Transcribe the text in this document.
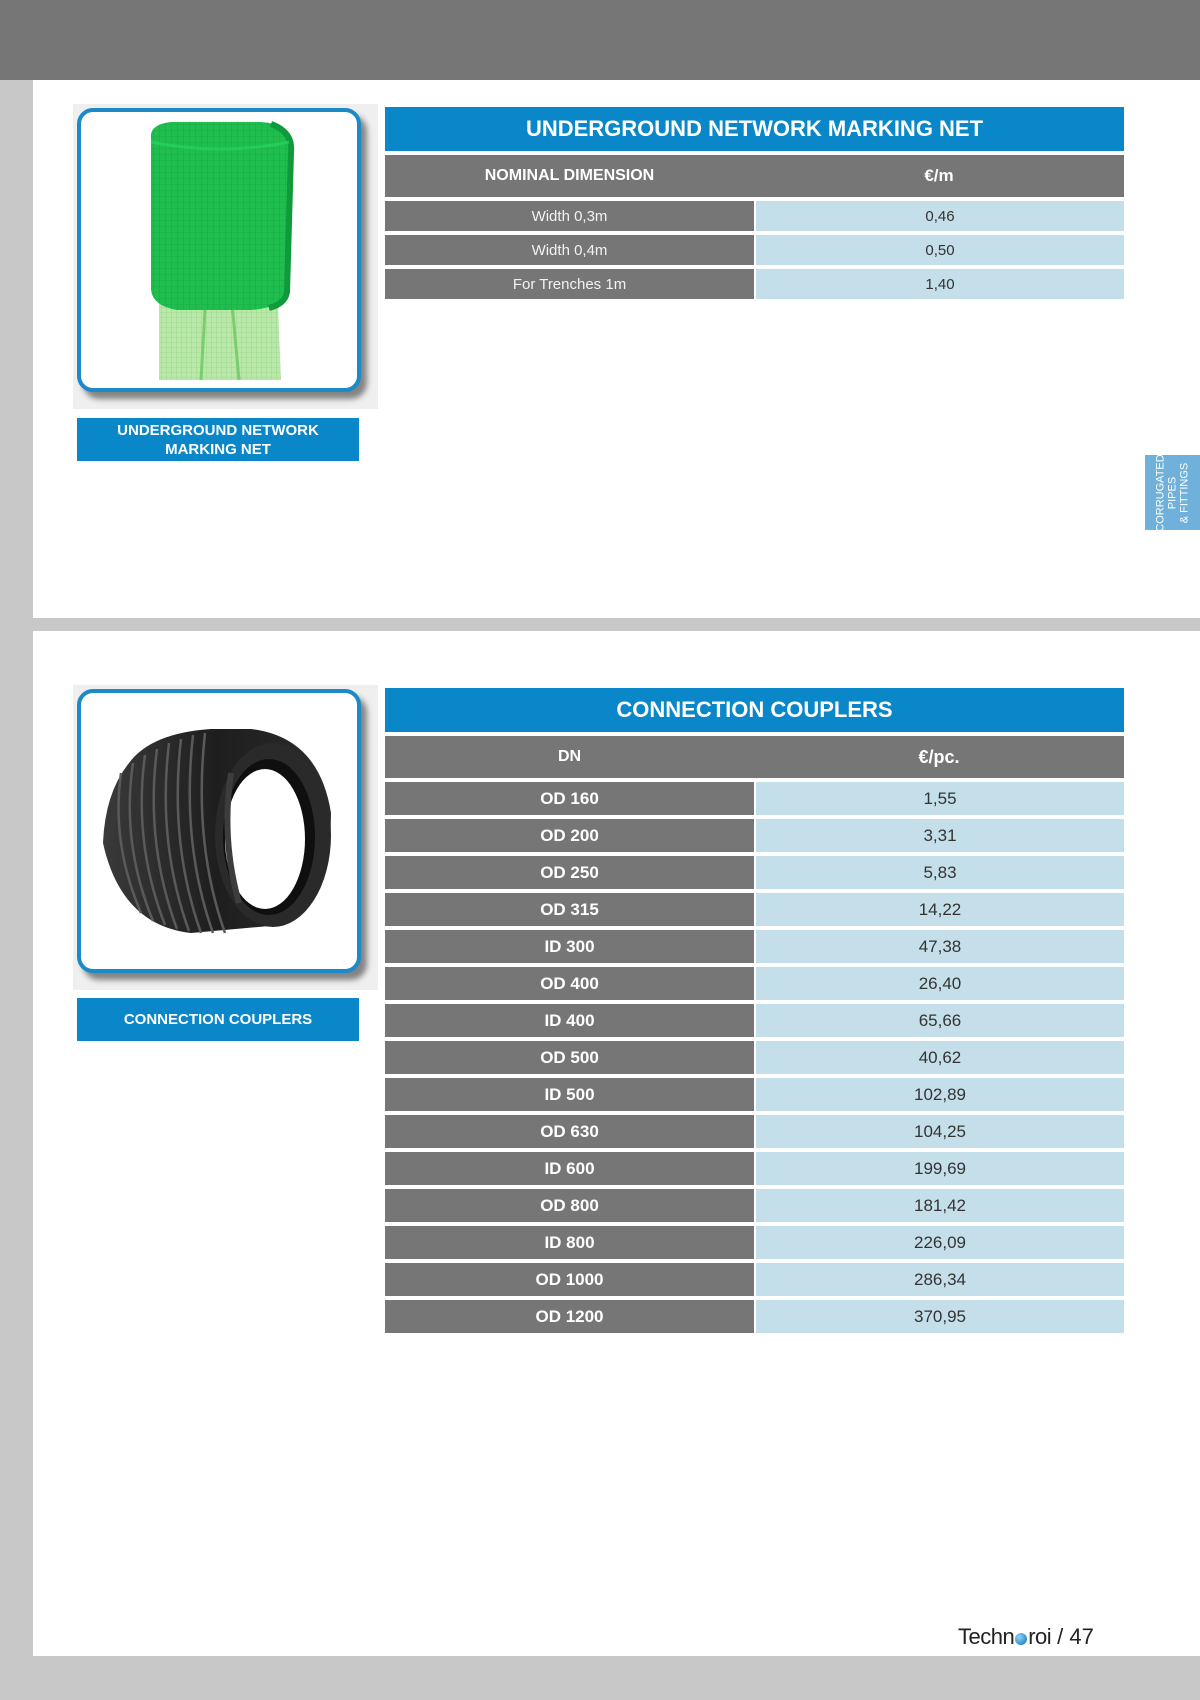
UNDERGROUND NETWORK
MARKING NET
UNDERGROUND NETWORK MARKING NET
NOMINAL DIMENSION	€/m
Width 0,3m	0,46
Width 0,4m	0,50
For Trenches 1m	1,40
CORRUGATED
PIPES
& FITTINGS
CONNECTION COUPLERS
CONNECTION COUPLERS
DN	€/pc.
OD 160	1,55
OD 200	3,31
OD 250	5,83
OD 315	14,22
ID 300	47,38
OD 400	26,40
ID 400	65,66
OD 500	40,62
ID 500	102,89
OD 630	104,25
ID 600	199,69
OD 800	181,42
ID 800	226,09
OD 1000	286,34
OD 1200	370,95
Techn roi / 47
